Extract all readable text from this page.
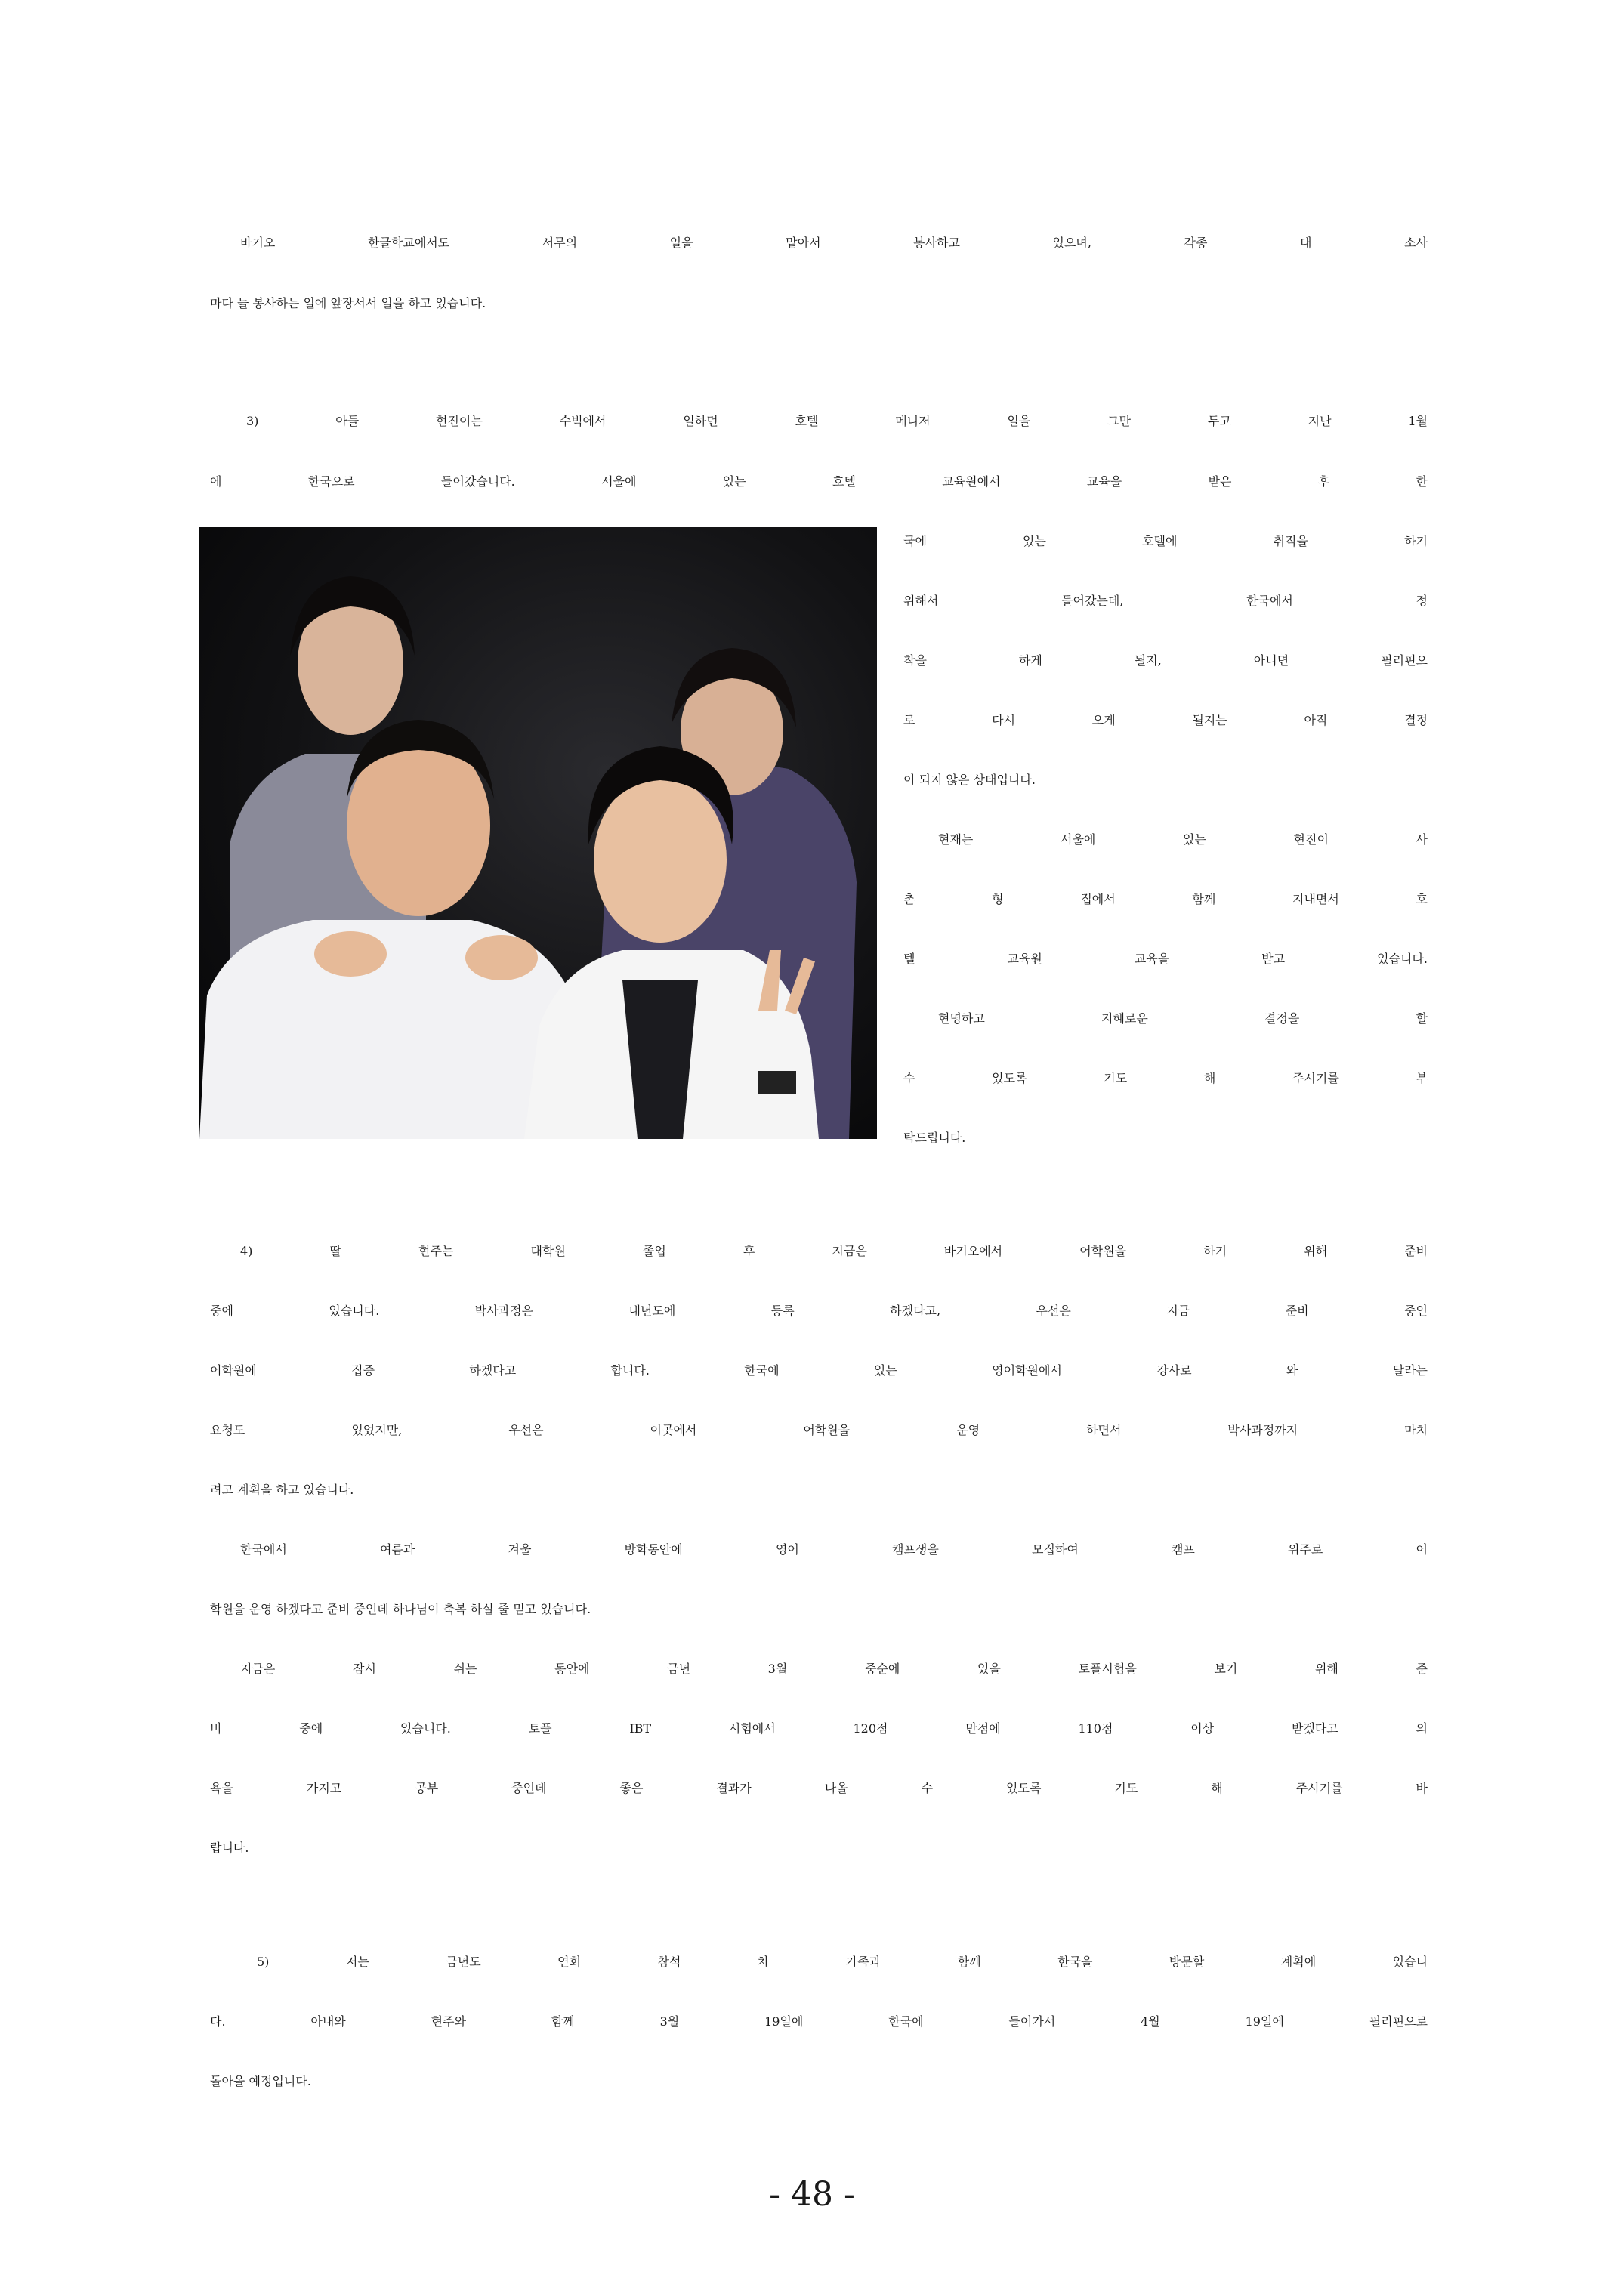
바기오 한글학교에서도 서무의 일을 맡아서 봉사하고 있으며, 각종 대 소사
마다 늘 봉사하는 일에 앞장서서 일을 하고 있습니다.
3) 아들 현진이는 수빅에서 일하던 호텔 메니저 일을 그만 두고 지난 1월
에 한국으로 들어갔습니다. 서울에 있는 호텔 교육원에서 교육을 받은 후 한
국에 있는 호텔에 취직을 하기
위해서 들어갔는데, 한국에서 정
착을 하게 될지, 아니면 필리핀으
로 다시 오게 될지는 아직 결정
이 되지 않은 상태입니다.
현재는 서울에 있는 현진이 사
촌 형 집에서 함께 지내면서 호
텔 교육원 교육을 받고 있습니다.
현명하고 지혜로운 결정을 할
수 있도록 기도 해 주시기를 부
탁드립니다.
4) 딸 현주는 대학원 졸업 후 지금은 바기오에서 어학원을 하기 위해 준비
중에 있습니다. 박사과정은 내년도에 등록 하겠다고, 우선은 지금 준비 중인
어학원에 집중 하겠다고 합니다. 한국에 있는 영어학원에서 강사로 와 달라는
요청도 있었지만, 우선은 이곳에서 어학원을 운영 하면서 박사과정까지 마치
려고 계획을 하고 있습니다.
한국에서 여름과 겨울 방학동안에 영어 캠프생을 모집하여 캠프 위주로 어
학원을 운영 하겠다고 준비 중인데 하나님이 축복 하실 줄 믿고 있습니다.
지금은 잠시 쉬는 동안에 금년 3월 중순에 있을 토플시험을 보기 위해 준
비 중에 있습니다. 토플 IBT 시험에서 120점 만점에 110점 이상 받겠다고 의
욕을 가지고 공부 중인데 좋은 결과가 나올 수 있도록 기도 해 주시기를 바
랍니다.
5) 저는 금년도 연회 참석 차 가족과 함께 한국을 방문할 계획에 있습니
다. 아내와 현주와 함께 3월 19일에 한국에 들어가서 4월 19일에 필리핀으로
돌아올 예정입니다.
- 48 -
